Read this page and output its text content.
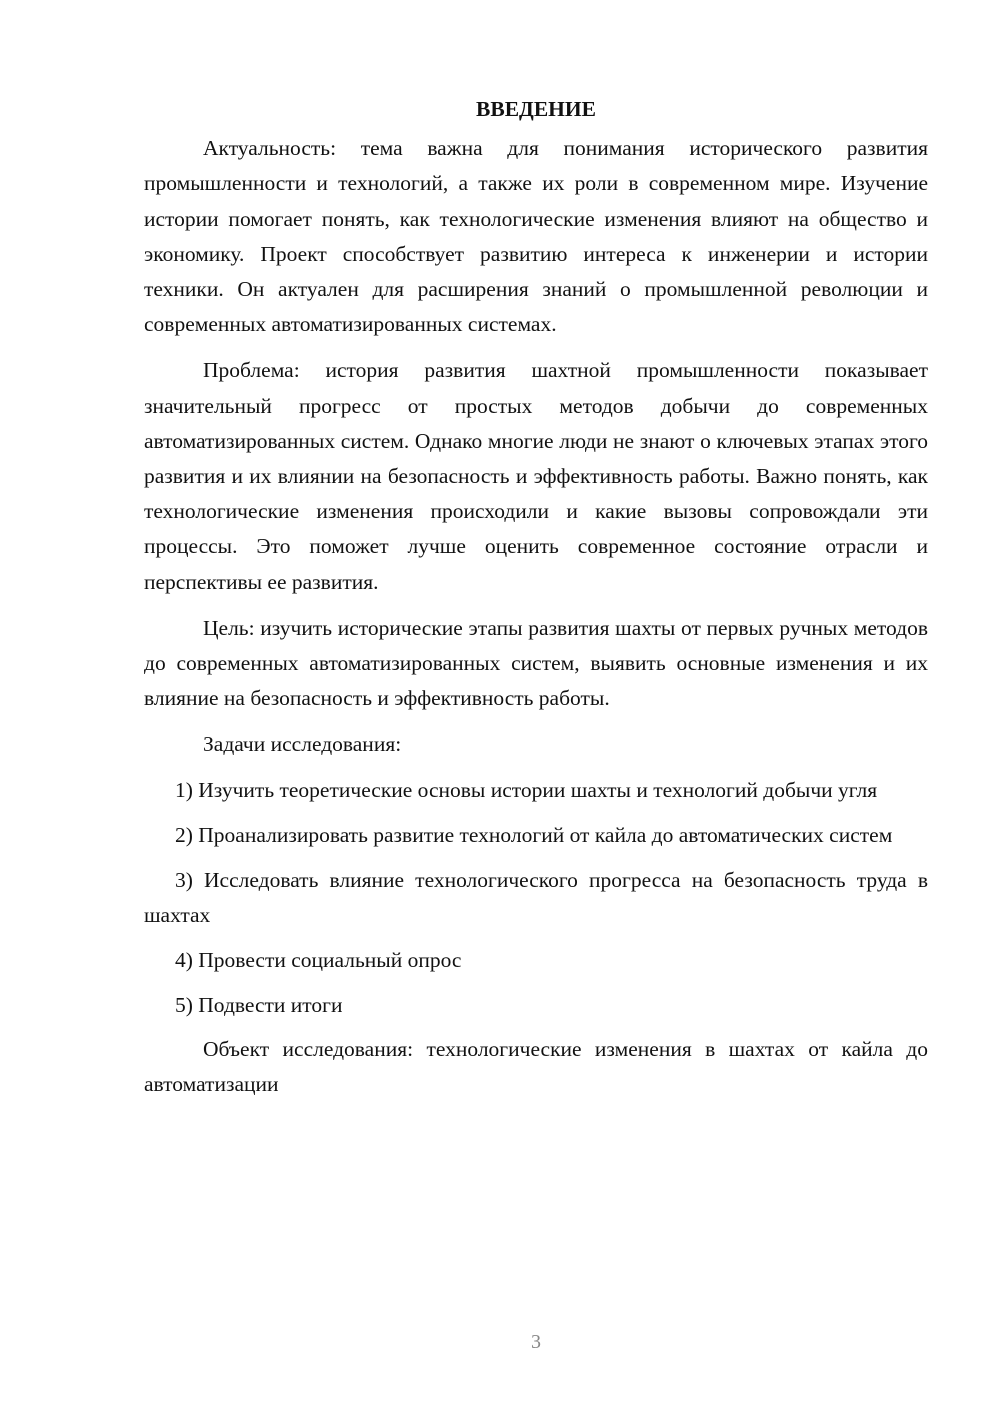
ВВЕДЕНИЕ

Актуальность: тема важна для понимания исторического развития промышленности и технологий, а также их роли в современном мире. Изучение истории помогает понять, как технологические изменения влияют на общество и экономику. Проект способствует развитию интереса к инженерии и истории техники. Он актуален для расширения знаний о промышленной революции и современных автоматизированных системах.

Проблема: история развития шахтной промышленности показывает значительный прогресс от простых методов добычи до современных автоматизированных систем. Однако многие люди не знают о ключевых этапах этого развития и их влиянии на безопасность и эффективность работы. Важно понять, как технологические изменения происходили и какие вызовы сопровождали эти процессы. Это поможет лучше оценить современное состояние отрасли и перспективы ее развития.

Цель: изучить исторические этапы развития шахты от первых ручных методов до современных автоматизированных систем, выявить основные изменения и их влияние на безопасность и эффективность работы.

Задачи исследования:

1) Изучить теоретические основы истории шахты и технологий добычи угля

2) Проанализировать развитие технологий от кайла до автоматических систем

3) Исследовать влияние технологического прогресса на безопасность труда в шахтах

4) Провести социальный опрос

5) Подвести итоги

Объект исследования: технологические изменения в шахтах от кайла до автоматизации

3
